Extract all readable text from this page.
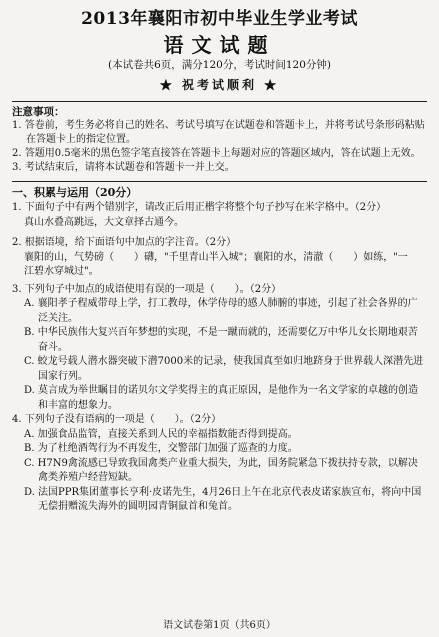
2013年襄阳市初中毕业生学业考试
语文试题
(本试卷共6页，满分120分，考试时间120分钟)
★ 祝考试顺利 ★
注意事项：
1. 答卷前，考生务必将自己的姓名、考试号填写在试题卷和答题卡上，并将考试号条形码粘贴在答题卡上的指定位置。
2. 答题用0.5毫米的黑色签字笔直接答在答题卡上每题对应的答题区域内，答在试题上无效。
3. 考试结束后，请将本试题卷和答题卡一并上交。
一、积累与运用（20分）
1. 下面句子中有两个错别字，请改正后用正楷字将整个句子抄写在米字格中。（2分）
真山水叠高跳远，大文章择古通今。
2. 根据语境，给下面语句中加点的字注音。（2分）
襄阳的山，气势磅（　　）礴，"千里青山半入城"；襄阳的水，清澈（　　）如练，"一
江碧水穿城过"。
3. 下列句子中加点的成语使用有误的一项是（　　）。（2分）
A. 襄阳孝子程威带母上学，打工教母，休学侍母的感人肺腑的事迹，引起了社会各界的广泛关注。
B. 中华民族伟大复兴百年梦想的实现，不是一蹴而就的，还需要亿万中华儿女长期地艰苦奋斗。
C. 蛟龙号载人潜水器突破下潜7000米的记录，使我国真至如归地跻身于世界载人深潜先进国家行列。
D. 莫言成为举世瞩目的诺贝尔文学奖得主的真正原因，是他作为一名文学家的卓越的创造和丰富的想象力。
4. 下列句子没有语病的一项是（　　）。（2分）
A. 加强食品监管，直接关系到人民的幸福指数能否得到提高。
B. 为了杜绝酒驾行为不再发生，交警部门加强了巡查的力度。
C. H7N9禽流感已导致我国禽类产业重大损失，为此，国务院紧急下拨扶持专款，以解决禽类养殖户经营短缺。
D. 法国PPR集团董事长亨利·皮诺先生，4月26日上午在北京代表皮诺家族宣布，将向中国无偿捐赠流失海外的圆明园青铜鼠首和兔首。
语文试卷第1页（共6页）
